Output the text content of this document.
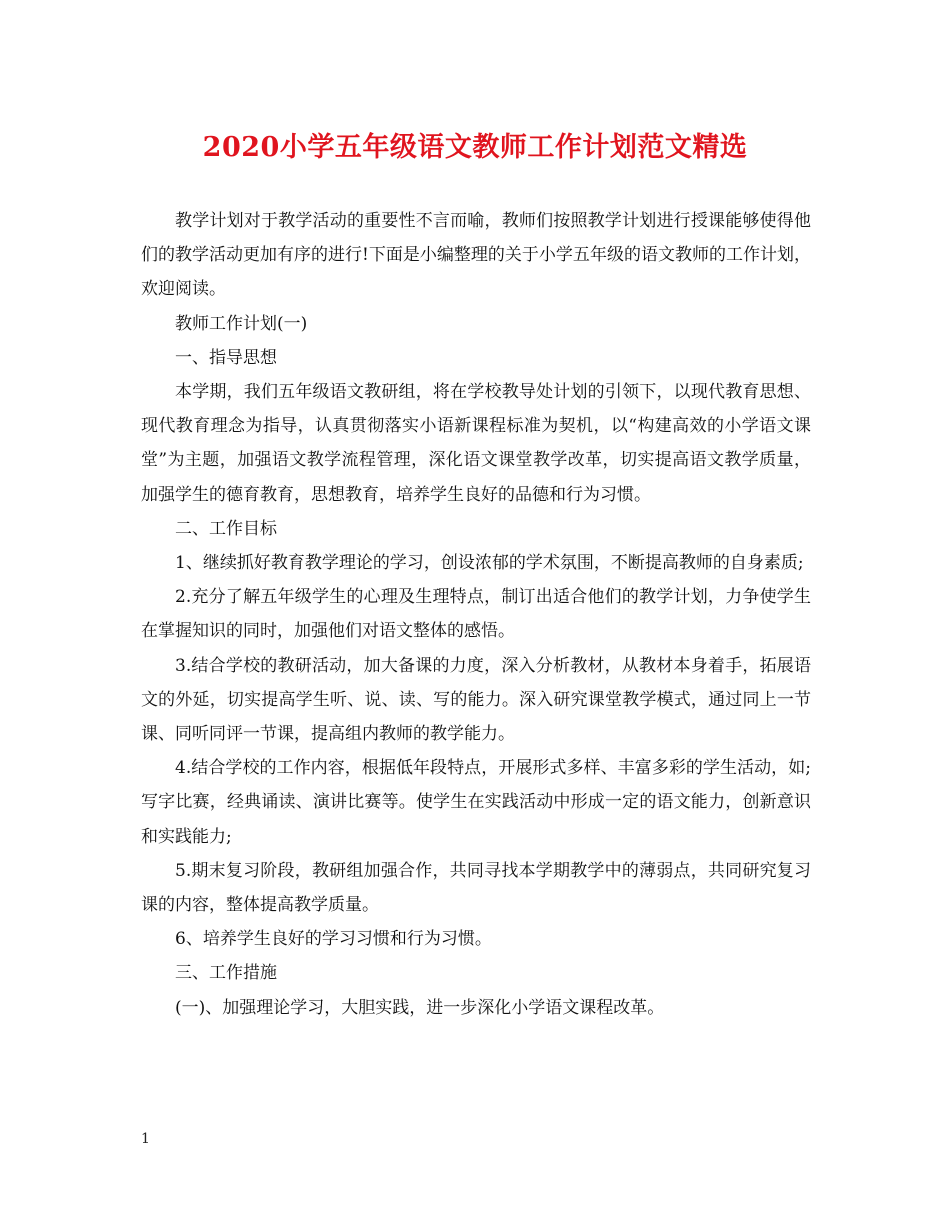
2020小学五年级语文教师工作计划范文精选

教学计划对于教学活动的重要性不言而喻，教师们按照教学计划进行授课能够使得他们的教学活动更加有序的进行!下面是小编整理的关于小学五年级的语文教师的工作计划，欢迎阅读。

教师工作计划(一)

一、指导思想

本学期，我们五年级语文教研组，将在学校教导处计划的引领下，以现代教育思想、现代教育理念为指导，认真贯彻落实小语新课程标准为契机，以“构建高效的小学语文课堂”为主题，加强语文教学流程管理，深化语文课堂教学改革，切实提高语文教学质量，加强学生的德育教育，思想教育，培养学生良好的品德和行为习惯。

二、工作目标

1、继续抓好教育教学理论的学习，创设浓郁的学术氛围，不断提高教师的自身素质;

2.充分了解五年级学生的心理及生理特点，制订出适合他们的教学计划，力争使学生在掌握知识的同时，加强他们对语文整体的感悟。

3.结合学校的教研活动，加大备课的力度，深入分析教材，从教材本身着手，拓展语文的外延，切实提高学生听、说、读、写的能力。深入研究课堂教学模式，通过同上一节课、同听同评一节课，提高组内教师的教学能力。

4.结合学校的工作内容，根据低年段特点，开展形式多样、丰富多彩的学生活动，如;写字比赛，经典诵读、演讲比赛等。使学生在实践活动中形成一定的语文能力，创新意识和实践能力;

5.期末复习阶段，教研组加强合作，共同寻找本学期教学中的薄弱点，共同研究复习课的内容，整体提高教学质量。

6、培养学生良好的学习习惯和行为习惯。

三、工作措施

(一)、加强理论学习，大胆实践，进一步深化小学语文课程改革。

1
